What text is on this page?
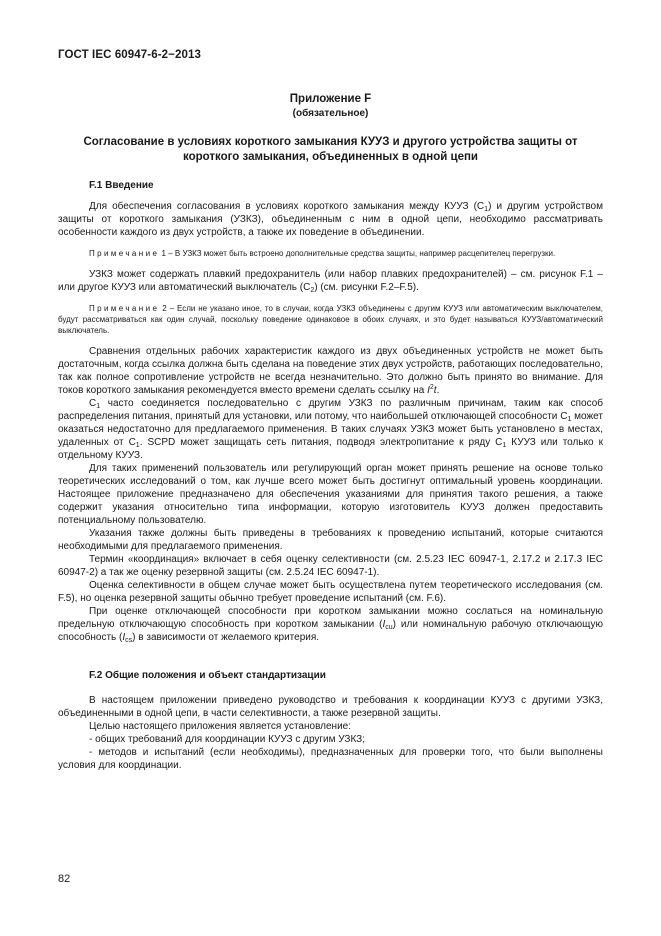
ГОСТ IEC 60947-6-2−2013
Приложение F
(обязательное)
Согласование в условиях короткого замыкания КУУЗ и другого устройства защиты от
короткого замыкания, объединенных в одной цепи
F.1 Введение

Для обеспечения согласования в условиях короткого замыкания между КУУЗ $(C_1)$ и другим устройством защиты от короткого замыкания (УЗКЗ), объединенным с ним в одной цепи, необходимо рассматривать особенности каждого из двух устройств, а также их поведение в объединении.

Примечание 1 – В УЗКЗ может быть встроено дополнительные средства защиты, например расцепителец перегрузки.

УЗКЗ может содержать плавкий предохранитель (или набор плавких предохранителей) – см. рисунок F.1 – или другое КУУЗ или автоматический выключатель $(C_2)$ (см. рисунки F.2–F.5).

Примечание 2 – Если не указано иное, то в случаи, когда УЗКЗ объединены с другим КУУЗ или автоматическим выключателем, будут рассматриваться как один случай, поскольку поведение одинаковое в обоих случаях, и это будет называться КУУЗ/автоматический выключатель.

Сравнения отдельных рабочих характеристик каждого из двух объединенных устройств не может быть достаточным, когда ссылка должна быть сделана на поведение этих двух устройств, работающих последовательно, так как полное сопротивление устройств не всегда незначительно. Это должно быть принято во внимание. Для токов короткого замыкания рекомендуется вместо времени сделать ссылку на $I^2t$.

$C_1$ часто соединяется последовательно с другим УЗКЗ по различным причинам, таким как способ распределения питания, принятый для установки, или потому, что наибольшей отключающей способности $C_1$ может оказаться недостаточно для предлагаемого применения. В таких случаях УЗКЗ может быть установлено в местах, удаленных от $C_1$. SCPD может защищать сеть питания, подводя электропитание к ряду $C_1$ КУУЗ или только к отдельному КУУЗ.

Для таких применений пользователь или регулирующий орган может принять решение на основе только теоретических исследований о том, как лучше всего может быть достигнут оптимальный уровень координации. Настоящее приложение предназначено для обеспечения указаниями для принятия такого решения, а также содержит указания относительно типа информации, которую изготовитель КУУЗ должен предоставить потенциальному пользователю.

Указания также должны быть приведены в требованиях к проведению испытаний, которые считаются необходимыми для предлагаемого применения.

Термин «координация» включает в себя оценку селективности (см. 2.5.23 IEC 60947-1, 2.17.2 и 2.17.3 IEC 60947-2) а так же оценку резервной защиты (см. 2.5.24 IEC 60947-1).

Оценка селективности в общем случае может быть осуществлена путем теоретического исследования (см. F.5), но оценка резервной защиты обычно требует проведение испытаний (см. F.6).

При оценке отключающей способности при коротком замыкании можно сослаться на номинальную предельную отключающую способность при коротком замыкании $(I_{cu})$ или номинальную рабочую отключающую способность $(I_{cs})$ в зависимости от желаемого критерия.

F.2 Общие положения и объект стандартизации

В настоящем приложении приведено руководство и требования к координации КУУЗ с другими УЗКЗ, объединенными в одной цепи, в части селективности, а также резервной защиты.

Целью настоящего приложения является установление:

- общих требований для координации КУУЗ с другим УЗКЗ;

- методов и испытаний (если необходимы), предназначенных для проверки того, что были выполнены условия для координации.

82
